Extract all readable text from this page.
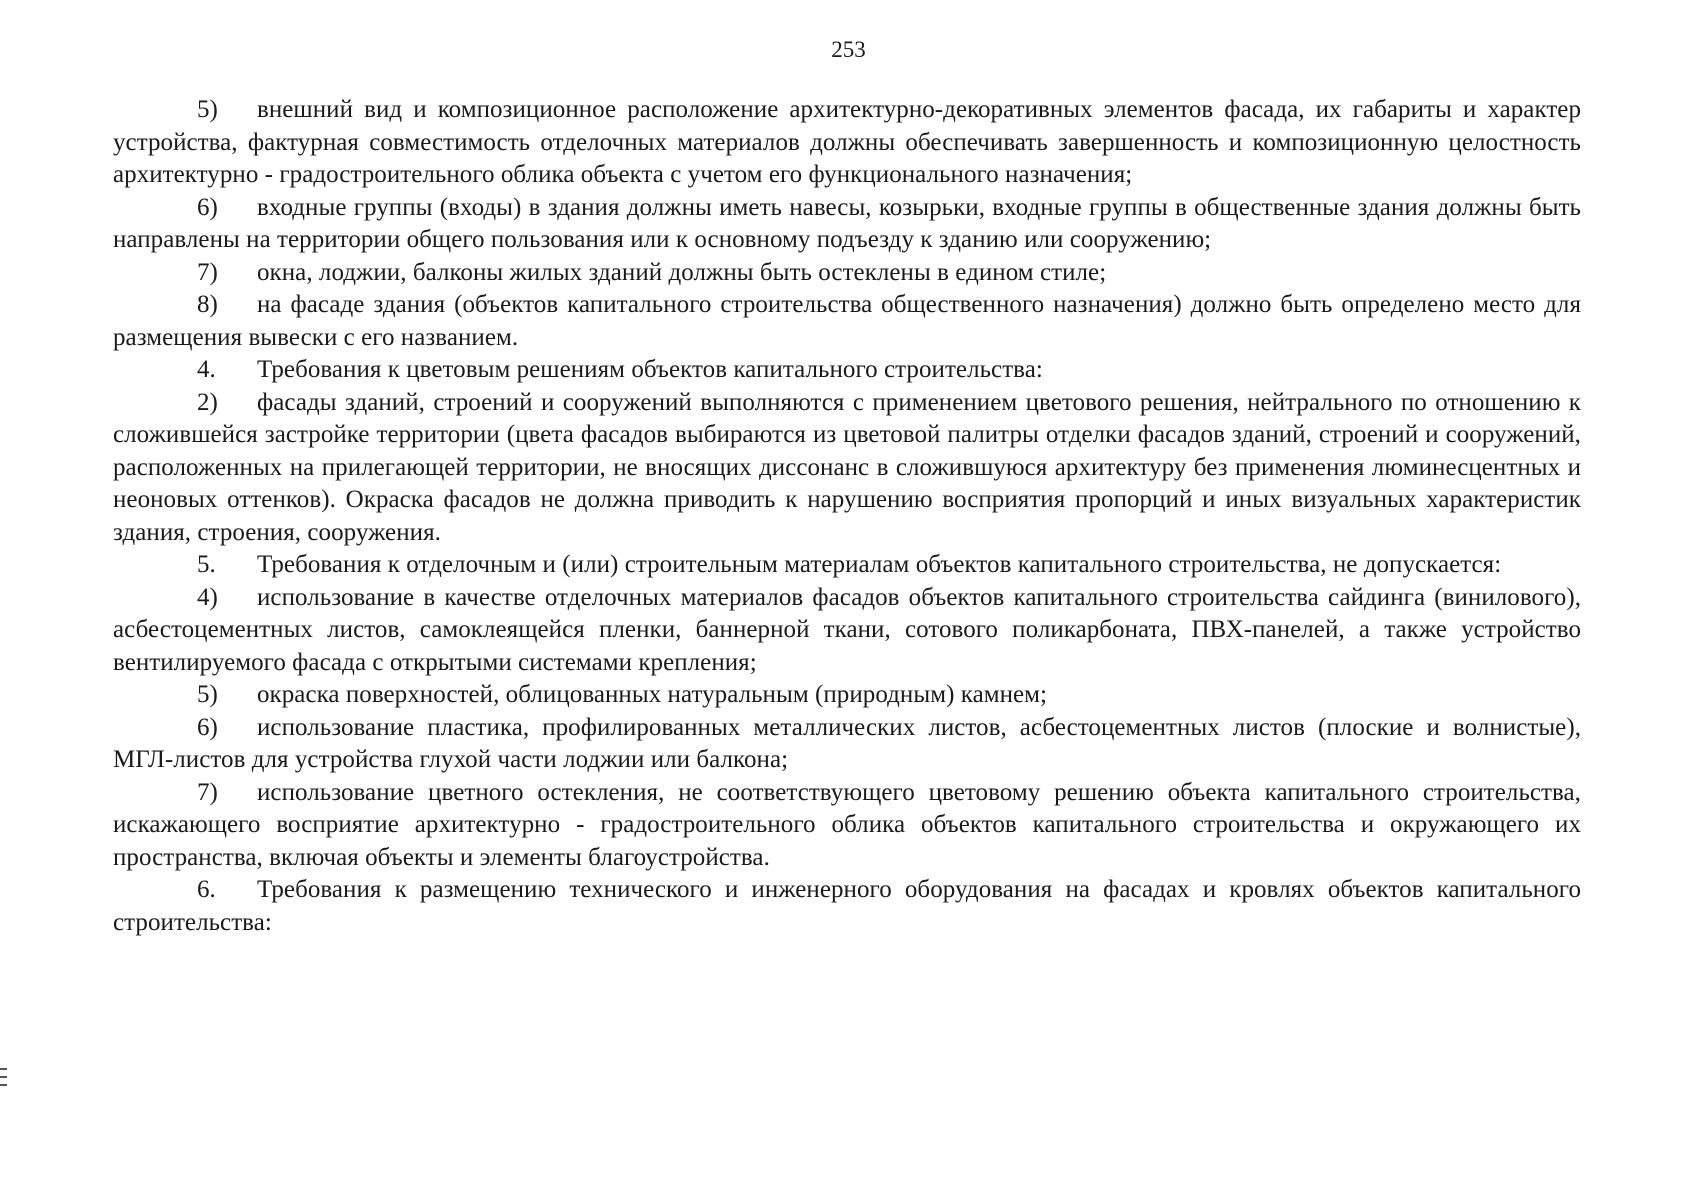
253

5) внешний вид и композиционное расположение архитектурно-декоративных элементов фасада, их габариты и характер устройства, фактурная совместимость отделочных материалов должны обеспечивать завершенность и композиционную целостность архитектурно - градостроительного облика объекта с учетом его функционального назначения;

6) входные группы (входы) в здания должны иметь навесы, козырьки, входные группы в общественные здания должны быть направлены на территории общего пользования или к основному подъезду к зданию или сооружению;

7) окна, лоджии, балконы жилых зданий должны быть остеклены в едином стиле;

8) на фасаде здания (объектов капитального строительства общественного назначения) должно быть определено место для размещения вывески с его названием.

4. Требования к цветовым решениям объектов капитального строительства:

2) фасады зданий, строений и сооружений выполняются с применением цветового решения, нейтрального по отношению к сложившейся застройке территории (цвета фасадов выбираются из цветовой палитры отделки фасадов зданий, строений и сооружений, расположенных на прилегающей территории, не вносящих диссонанс в сложившуюся архитектуру без применения люминесцентных и неоновых оттенков). Окраска фасадов не должна приводить к нарушению восприятия пропорций и иных визуальных характеристик здания, строения, сооружения.

5. Требования к отделочным и (или) строительным материалам объектов капитального строительства, не допускается:

4) использование в качестве отделочных материалов фасадов объектов капитального строительства сайдинга (винилового), асбестоцементных листов, самоклеящейся пленки, баннерной ткани, сотового поликарбоната, ПВХ-панелей, а также устройство вентилируемого фасада с открытыми системами крепления;

5) окраска поверхностей, облицованных натуральным (природным) камнем;

6) использование пластика, профилированных металлических листов, асбестоцементных листов (плоские и волнистые), МГЛ-листов для устройства глухой части лоджии или балкона;

7) использование цветного остекления, не соответствующего цветовому решению объекта капитального строительства, искажающего восприятие архитектурно - градостроительного облика объектов капитального строительства и окружающего их пространства, включая объекты и элементы благоустройства.

6. Требования к размещению технического и инженерного оборудования на фасадах и кровлях объектов капитального строительства:
